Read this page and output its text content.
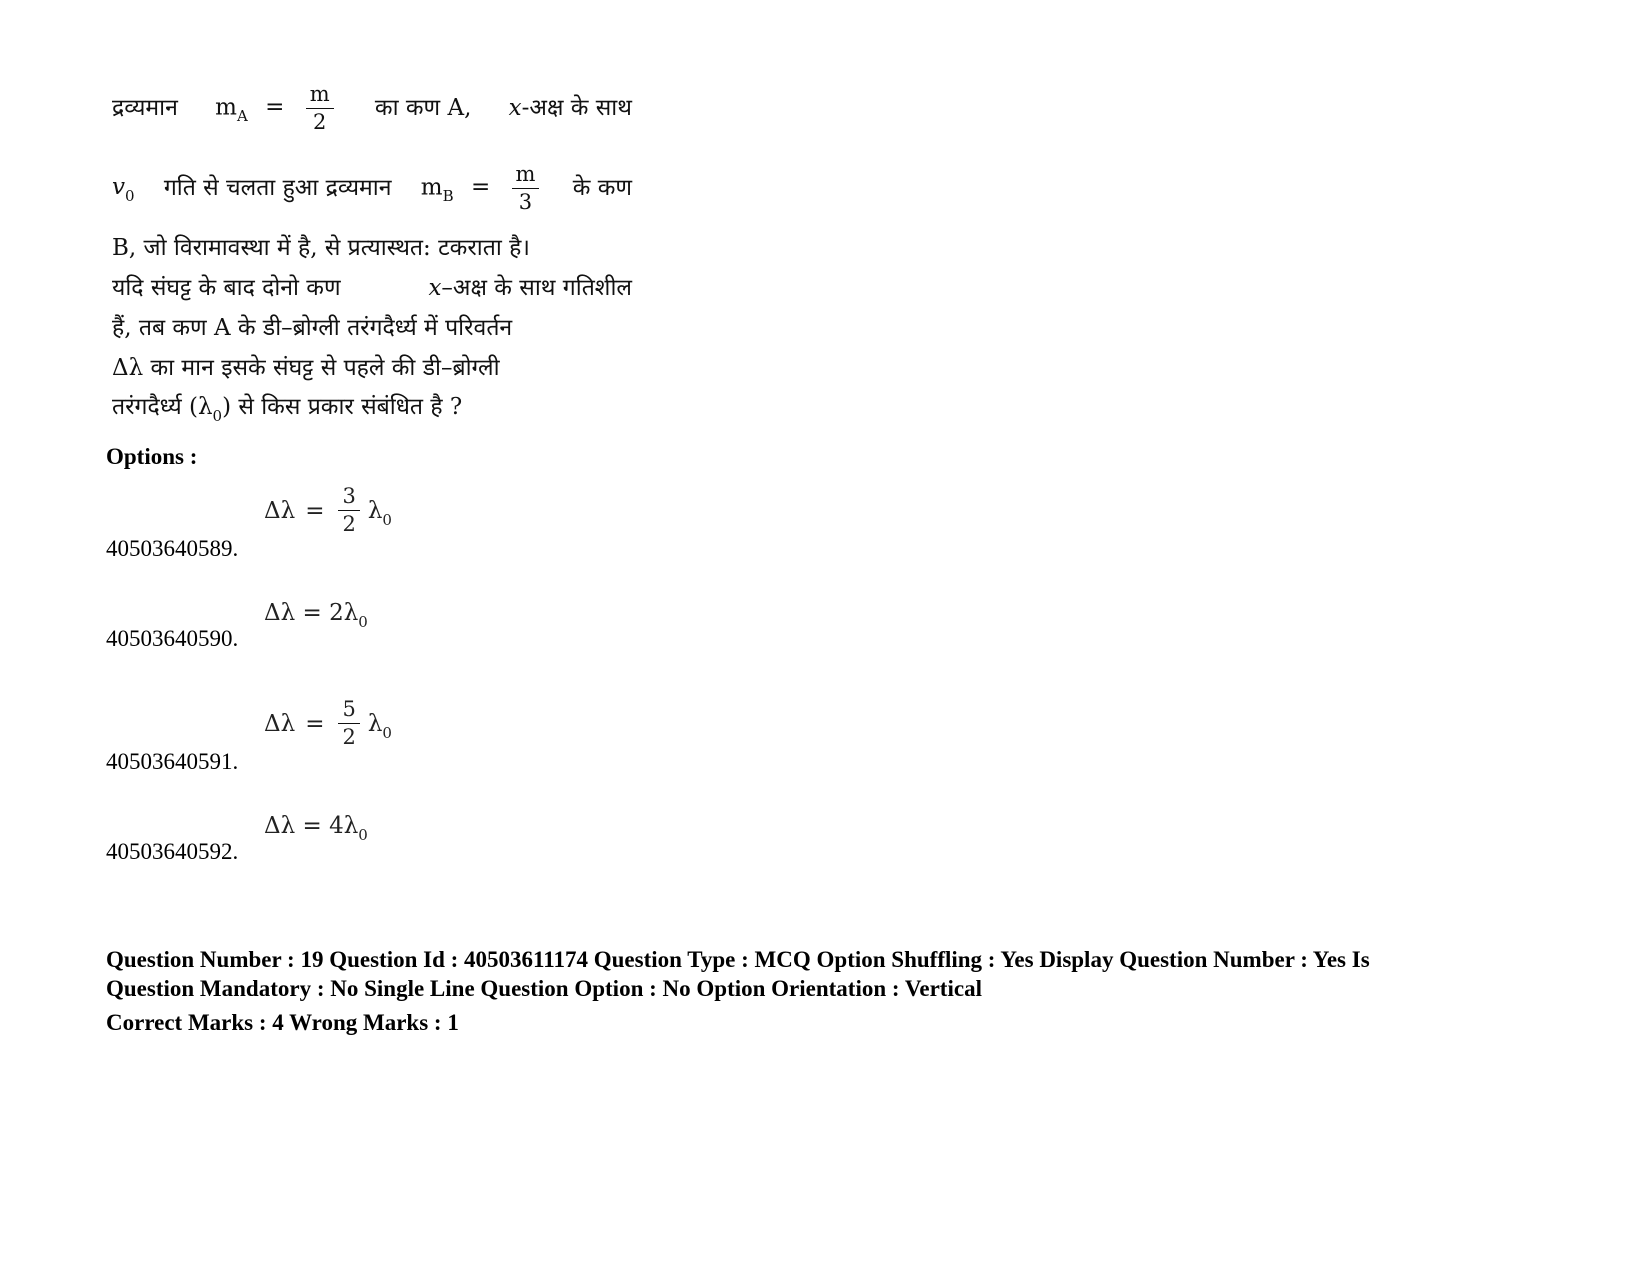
द्रव्यमान $m_A = \frac{m}{2}$ का कण A, x-अक्ष के साथ
$v_0$ गति से चलता हुआ द्रव्यमान $m_B = \frac{m}{3}$ के कण
B, जो विरामावस्था में है, से प्रत्यास्थत: टकराता है।
यदि संघट्ट के बाद दोनो कण	x–अक्ष के साथ गतिशील
हैं, तब कण A के डी–ब्रोग्ली तरंगदैर्ध्य में परिवर्तन
Δλ का मान इसके संघट्ट से पहले की डी–ब्रोग्ली
तरंगदैर्ध्य $(\lambda_0)$ से किस प्रकार संबंधित है ?
Options :
$\Delta\lambda = \frac{3}{2} \lambda_0$
40503640589.
$\Delta\lambda = 2\lambda_0$
40503640590.
$\Delta\lambda = \frac{5}{2} \lambda_0$
40503640591.
$\Delta\lambda = 4\lambda_0$
40503640592.
Question Number : 19 Question Id : 40503611174 Question Type : MCQ Option Shuffling : Yes Display Question Number : Yes Is
Question Mandatory : No Single Line Question Option : No Option Orientation : Vertical
Correct Marks : 4 Wrong Marks : 1
